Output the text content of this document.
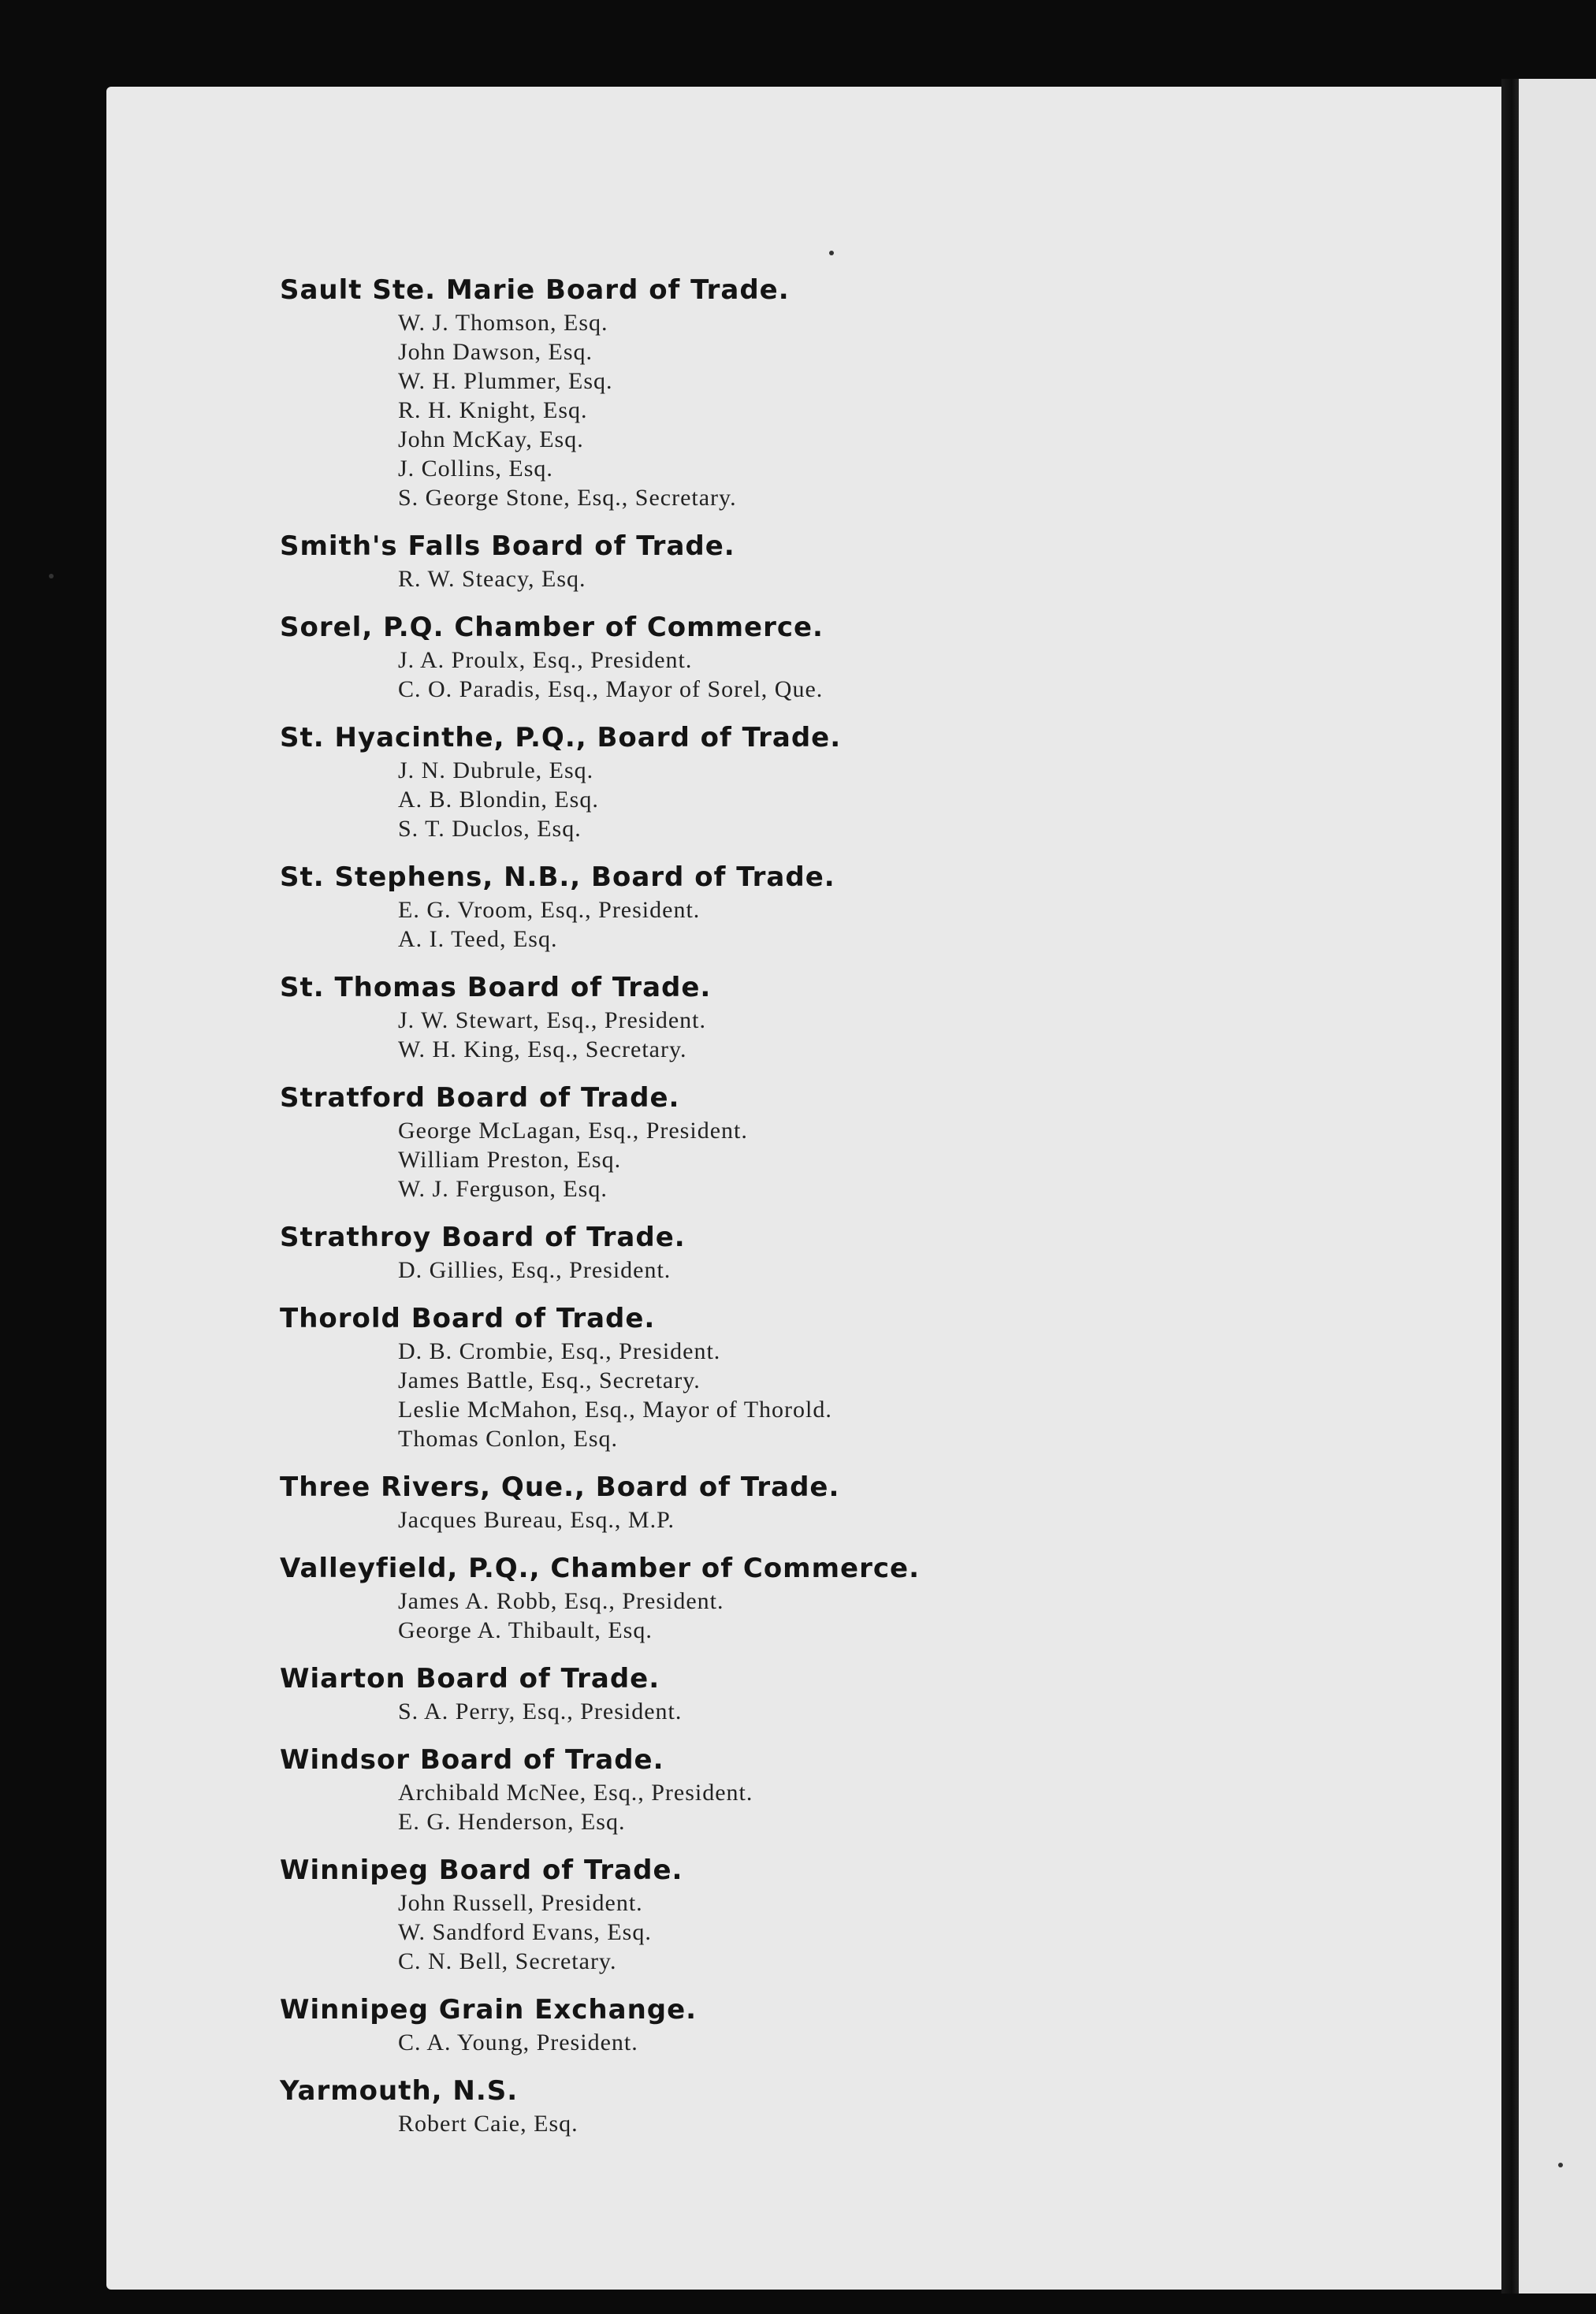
Sault Ste. Marie Board of Trade.
W. J. Thomson, Esq.
John Dawson, Esq.
W. H. Plummer, Esq.
R. H. Knight, Esq.
John McKay, Esq.
J. Collins, Esq.
S. George Stone, Esq., Secretary.
Smith's Falls Board of Trade.
R. W. Steacy, Esq.
Sorel, P.Q. Chamber of Commerce.
J. A. Proulx, Esq., President.
C. O. Paradis, Esq., Mayor of Sorel, Que.
St. Hyacinthe, P.Q., Board of Trade.
J. N. Dubrule, Esq.
A. B. Blondin, Esq.
S. T. Duclos, Esq.
St. Stephens, N.B., Board of Trade.
E. G. Vroom, Esq., President.
A. I. Teed, Esq.
St. Thomas Board of Trade.
J. W. Stewart, Esq., President.
W. H. King, Esq., Secretary.
Stratford Board of Trade.
George McLagan, Esq., President.
William Preston, Esq.
W. J. Ferguson, Esq.
Strathroy Board of Trade.
D. Gillies, Esq., President.
Thorold Board of Trade.
D. B. Crombie, Esq., President.
James Battle, Esq., Secretary.
Leslie McMahon, Esq., Mayor of Thorold.
Thomas Conlon, Esq.
Three Rivers, Que., Board of Trade.
Jacques Bureau, Esq., M.P.
Valleyfield, P.Q., Chamber of Commerce.
James A. Robb, Esq., President.
George A. Thibault, Esq.
Wiarton Board of Trade.
S. A. Perry, Esq., President.
Windsor Board of Trade.
Archibald McNee, Esq., President.
E. G. Henderson, Esq.
Winnipeg Board of Trade.
John Russell, President.
W. Sandford Evans, Esq.
C. N. Bell, Secretary.
Winnipeg Grain Exchange.
C. A. Young, President.
Yarmouth, N.S.
Robert Caie, Esq.
